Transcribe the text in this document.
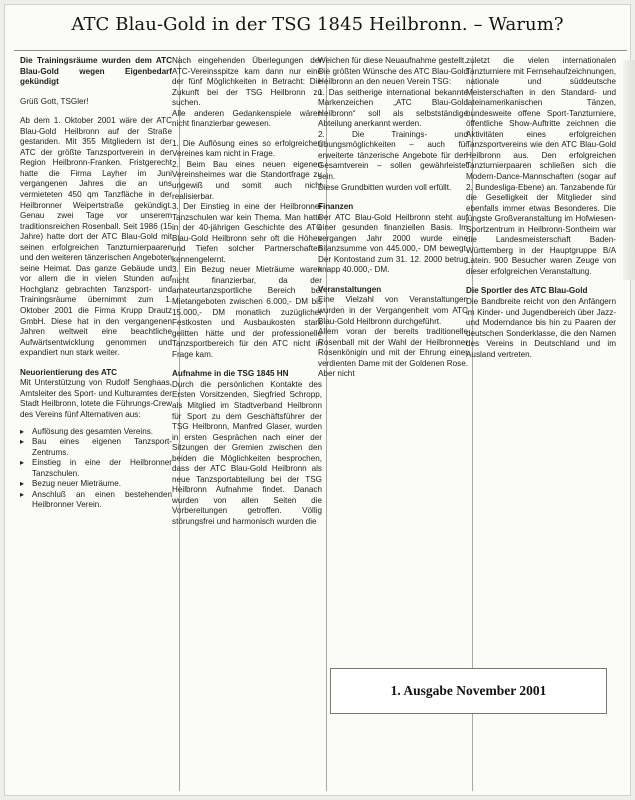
ATC Blau-Gold in der TSG 1845 Heilbronn. – Warum?
Die Trainingsräume wurden dem ATC Blau-Gold wegen Eigenbedarf gekündigt

Grüß Gott, TSGler!

Ab dem 1. Oktober 2001 wäre der ATC Blau-Gold Heilbronn auf der Straße gestanden. Mit 355 Mitgliedern ist der ATC der größte Tanzsportverein in der Region Heilbronn-Franken. Fristgerecht hatte die Firma Layher im Juni vergangenen Jahres die an uns vermieteten 450 qm Tanzfläche in der Heilbronner Weipertstraße gekündigt. Genau zwei Tage vor unserem traditionsreichen Rosenball. Seit 1986 (15 Jahre) hatte dort der ATC Blau-Gold mit seinen erfolgreichen Tanzturnierpaaren und den weiteren tänzerischen Angeboten seine Heimat. Das ganze Gebäude und vor allem die in vielen Stunden auf Hochglanz gebrachten Tanzsport- und Trainingsräume übernimmt zum 1. Oktober 2001 die Firma Krupp Drautz GmbH. Diese hat in den vergangenen Jahren weltweit eine beachtliche Aufwärtsentwicklung genommen und expandiert nun stark weiter.

Neuorientierung des ATC

Mit Unterstützung von Rudolf Senghaas, Amtsleiter des Sport- und Kulturamtes der Stadt Heilbronn, lotete die Führungs-Crew des Vereins fünf Alternativen aus:

▸ Auflösung des gesamten Vereins.
▸ Bau eines eigenen Tanzsport-Zentrums.
▸ Einstieg in eine der Heilbronner Tanzschulen.
▸ Bezug neuer Mieträume.
▸ Anschluß an einen bestehenden Heilbronner Verein.

Nach eingehenden Überlegungen der ATC-Vereinsspitze kam dann nur eine der fünf Möglichkeiten in Betracht: Die Zukunft bei der TSG Heilbronn zu suchen.

Alle anderen Gedankenspiele wären nicht finanzierbar gewesen.

1. Die Auflösung eines so erfolgreichen Vereines kam nicht in Frage.

2. Beim Bau eines neuen eigenen Vereinsheimes war die Standortfrage zu ungewiß und somit auch nicht realisierbar.

3. Der Einstieg in eine der Heilbronner Tanzschulen war kein Thema. Man hatte in der 40-jährigen Geschichte des ATC Blau-Gold Heilbronn sehr oft die Höhen und Tiefen solcher Partnerschaften kennengelernt.

3. Ein Bezug neuer Mieträume waren nicht finanzierbar, da der amateurtanzsportliche Bereich bei Mietangeboten zwischen 6.000,- DM bis 15.000,- DM monatlich zuzüglicher Festkosten und Ausbaukosten stark gelitten hätte und der professionelle Tanzsportbereich für den ATC nicht in Frage kam.

Aufnahme in die TSG 1845 HN

Durch die persönlichen Kontakte des Ersten Vorsitzenden, Siegfried Schropp, als Mitglied im Stadtverband Heilbronn für Sport zu dem Geschäftsführer der TSG Heilbronn, Manfred Glaser, wurden in ersten Gesprächen nach einer der Sitzungen der Gremien zwischen den beiden die Möglichkeiten besprochen, dass der ATC Blau-Gold Heilbronn als neue Tanzsportabteilung bei der TSG Heilbronn Aufnahme findet. Danach wurden von allen Seiten die Vorbereitungen getroffen. Völlig störungsfrei und harmonisch wurden die

Weichen für diese Neuaufnahme gestellt.

Die größten Wünsche des ATC Blau-Gold Heilbronn an den neuen Verein TSG:

1. Das seitherige international bekannte Markenzeichen „ATC Blau-Gold Heilbronn“ soll als selbstständige Abteilung anerkannt werden.

2. Die Trainings- und Übungsmöglichkeiten – auch für erweiterte tänzerische Angebote für den Gesamtverein – sollen gewährleistet sein.

Diese Grundbitten wurden voll erfüllt.

Finanzen

Der ATC Blau-Gold Heilbronn steht auf einer gesunden finanziellen Basis. Im vergangen Jahr 2000 wurde eine Bilanzsumme von 445.000,- DM bewegt. Der Kontostand zum 31. 12. 2000 betrug knapp 40.000,- DM.

Veranstaltungen

Eine Vielzahl von Veranstaltungen wurden in der Vergangenheit vom ATC Blau-Gold Heilbronn durchgeführt.

Allem voran der bereits traditionelle Rosenball mit der Wahl der Heilbronner Rosenkönigin und mit der Ehrung einer verdienten Dame mit der Goldenen Rose. Aber nicht

zuletzt die vielen internationalen Tanzturniere mit Fernsehaufzeichnungen, nationale und süddeutsche Meisterschaften in den Standard- und lateinamerikanischen Tänzen, bundesweite offene Sport-Tanzturniere, öffentliche Show-Auftritte zeichnen die Aktivitäten eines erfolgreichen Tanzsportvereins wie den ATC Blau-Gold Heilbronn aus. Den erfolgreichen Tanzturnierpaaren schließen sich die Modern-Dance-Mannschaften (sogar auf 2. Bundesliga-Ebene) an. Tanzabende für die Geselligkeit der Mitglieder sind ebenfalls immer etwas Besonderes. Die jüngste Großveranstaltung im Hofwiesen-Sportzentrum in Heilbronn-Sontheim war die Landesmeisterschaft Baden-Württemberg in der Hauptgruppe B/A Latein. 900 Besucher waren Zeuge von dieser erfolgreichen Veranstaltung.

Die Sportler des ATC Blau-Gold

Die Bandbreite reicht von den Anfängern im Kinder- und Jugendbereich über Jazz- und Moderndance bis hin zu Paaren der deutschen Sonderklasse, die den Namen des Vereins in Deutschland und im Ausland vertreten.

1. Ausgabe November 2001
